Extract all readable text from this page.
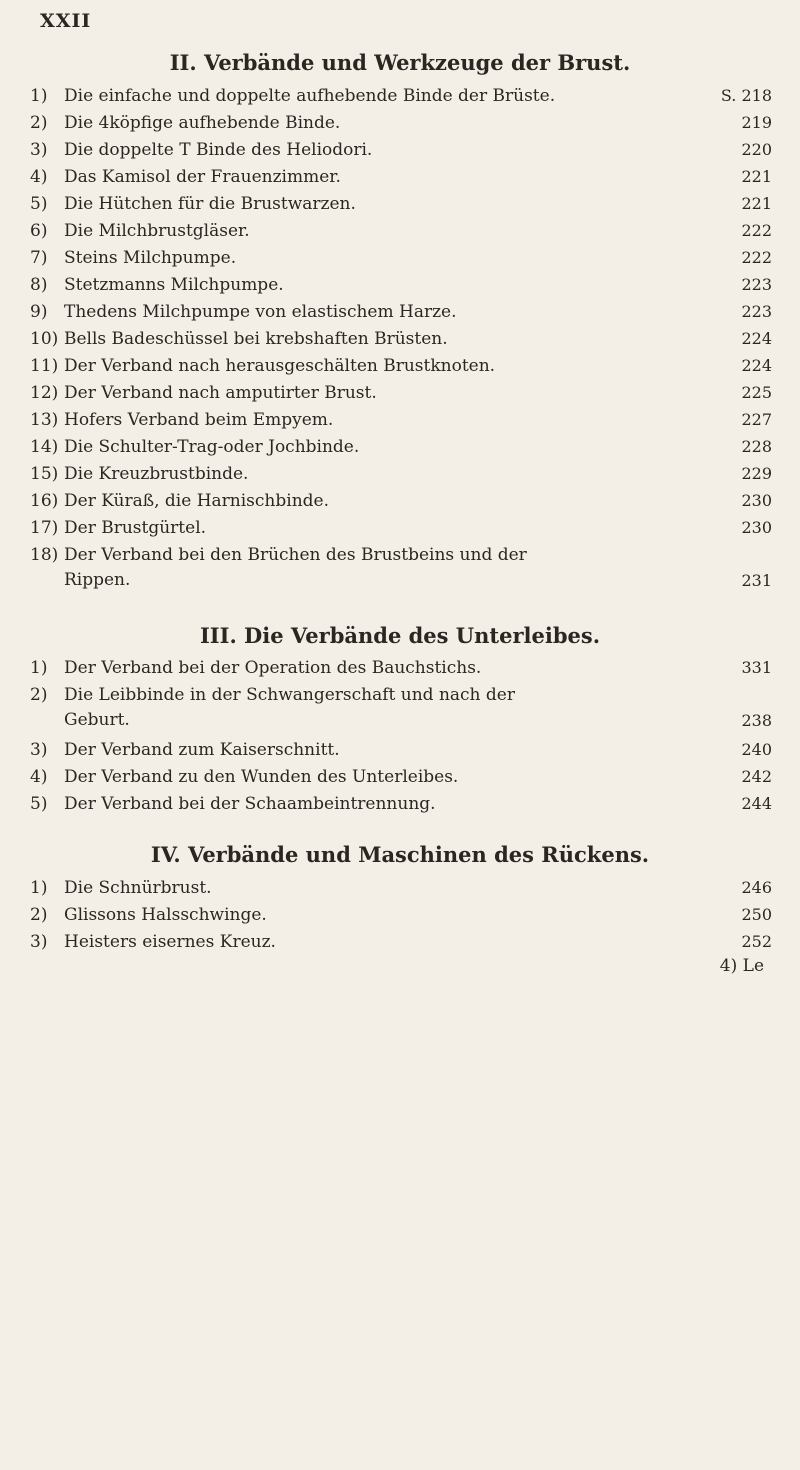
XXII
II. Verbände und Werkzeuge der Brust.
1) Die einfache und doppelte aufhebende Binde der Brüste.	S. 218
2) Die 4köpfige aufhebende Binde.	219
3) Die doppelte T Binde des Heliodori.	220
4) Das Kamisol der Frauenzimmer.	221
5) Die Hütchen für die Brustwarzen.	221
6) Die Milchbrustgläser.	222
7) Steins Milchpumpe.	222
8) Stetzmanns Milchpumpe.	223
9) Thedens Milchpumpe von elastischem Harze.	223
10) Bells Badeschüssel bei krebshaften Brüsten.	224
11) Der Verband nach herausgeschälten Brustknoten.	224
12) Der Verband nach amputirter Brust.	225
13) Hofers Verband beim Empyem.	227
14) Die Schulter-Trag-oder Jochbinde.	228
15) Die Kreuzbrustbinde.	229
16) Der Küraß, die Harnischbinde.	230
17) Der Brustgürtel.	230
18) Der Verband bei den Brüchen des Brustbeins und der
Rippen.	231
III. Die Verbände des Unterleibes.
1) Der Verband bei der Operation des Bauchstichs.	331
2) Die Leibbinde in der Schwangerschaft und nach der
Geburt.	238
3) Der Verband zum Kaiserschnitt.	240
4) Der Verband zu den Wunden des Unterleibes.	242
5) Der Verband bei der Schaambeintrennung.	244
IV. Verbände und Maschinen des Rückens.
1) Die Schnürbrust.	246
2) Glissons Halsschwinge.	250
3) Heisters eisernes Kreuz.	252
4) Le
